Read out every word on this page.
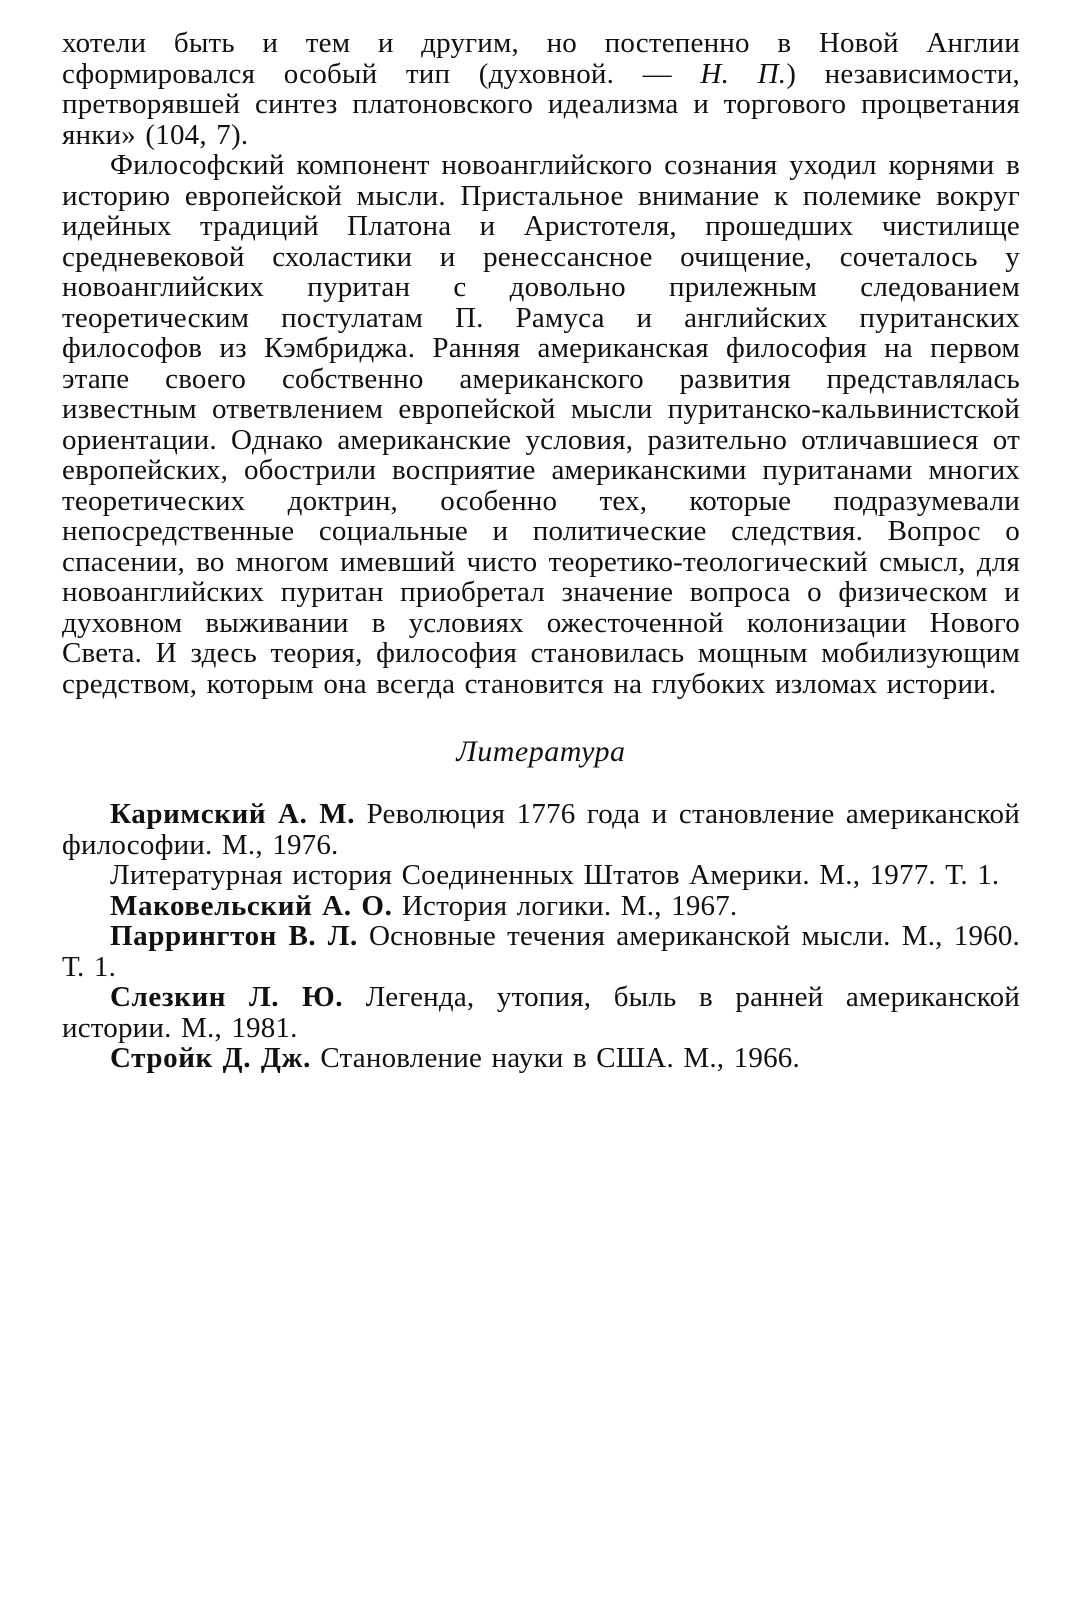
хотели быть и тем и другим, но постепенно в Новой Англии сформировался особый тип (духовной. — Н. П.) независимости, претворявшей синтез платоновского идеализма и торгового процветания янки» (104, 7).

Философский компонент новоанглийского сознания уходил корнями в историю европейской мысли. Пристальное внимание к полемике вокруг идейных традиций Платона и Аристотеля, прошедших чистилище средневековой схоластики и ренессансное очищение, сочеталось у новоанглийских пуритан с довольно прилежным следованием теоретическим постулатам П. Рамуса и английских пуританских философов из Кэмбриджа. Ранняя американская философия на первом этапе своего собственно американского развития представлялась известным ответвлением европейской мысли пуританско-кальвинистской ориентации. Однако американские условия, разительно отличавшиеся от европейских, обострили восприятие американскими пуританами многих теоретических доктрин, особенно тех, которые подразумевали непосредственные социальные и политические следствия. Вопрос о спасении, во многом имевший чисто теоретико-теологический смысл, для новоанглийских пуритан приобретал значение вопроса о физическом и духовном выживании в условиях ожесточенной колонизации Нового Света. И здесь теория, философия становилась мощным мобилизующим средством, которым она всегда становится на глубоких изломах истории.

Литература
Каримский А. М. Революция 1776 года и становление американской философии. М., 1976.
Литературная история Соединенных Штатов Америки. М., 1977. Т. 1.
Маковельский А. О. История логики. М., 1967.
Паррингтон В. Л. Основные течения американской мысли. М., 1960. Т. 1.
Слезкин Л. Ю. Легенда, утопия, быль в ранней американской истории. М., 1981.
Стройк Д. Дж. Становление науки в США. М., 1966.
